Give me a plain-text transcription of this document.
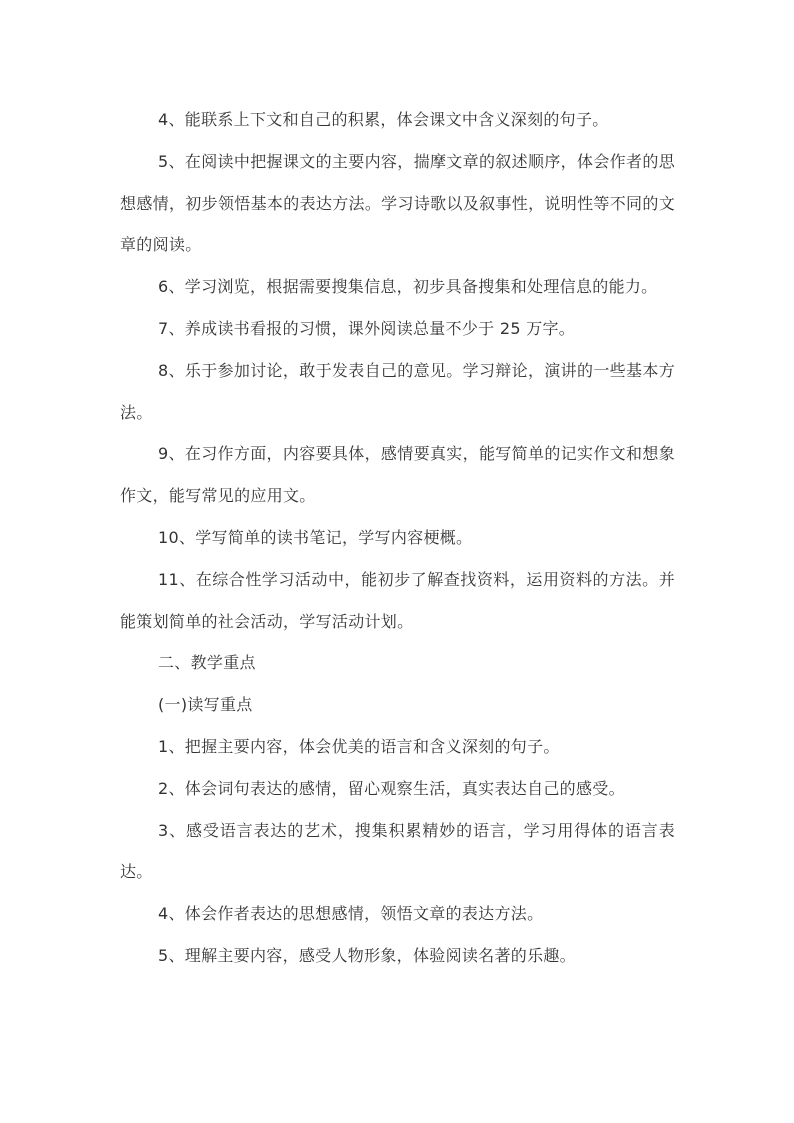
4、能联系上下文和自己的积累，体会课文中含义深刻的句子。

5、在阅读中把握课文的主要内容，揣摩文章的叙述顺序，体会作者的思想感情，初步领悟基本的表达方法。学习诗歌以及叙事性，说明性等不同的文章的阅读。

6、学习浏览，根据需要搜集信息，初步具备搜集和处理信息的能力。

7、养成读书看报的习惯，课外阅读总量不少于 25 万字。

8、乐于参加讨论，敢于发表自己的意见。学习辩论，演讲的一些基本方法。

9、在习作方面，内容要具体，感情要真实，能写简单的记实作文和想象作文，能写常见的应用文。

10、学写简单的读书笔记，学写内容梗概。

11、在综合性学习活动中，能初步了解查找资料，运用资料的方法。并能策划简单的社会活动，学写活动计划。

二、教学重点

(一)读写重点

1、把握主要内容，体会优美的语言和含义深刻的句子。

2、体会词句表达的感情，留心观察生活，真实表达自己的感受。

3、感受语言表达的艺术，搜集积累精妙的语言，学习用得体的语言表达。

4、体会作者表达的思想感情，领悟文章的表达方法。

5、理解主要内容，感受人物形象，体验阅读名著的乐趣。
